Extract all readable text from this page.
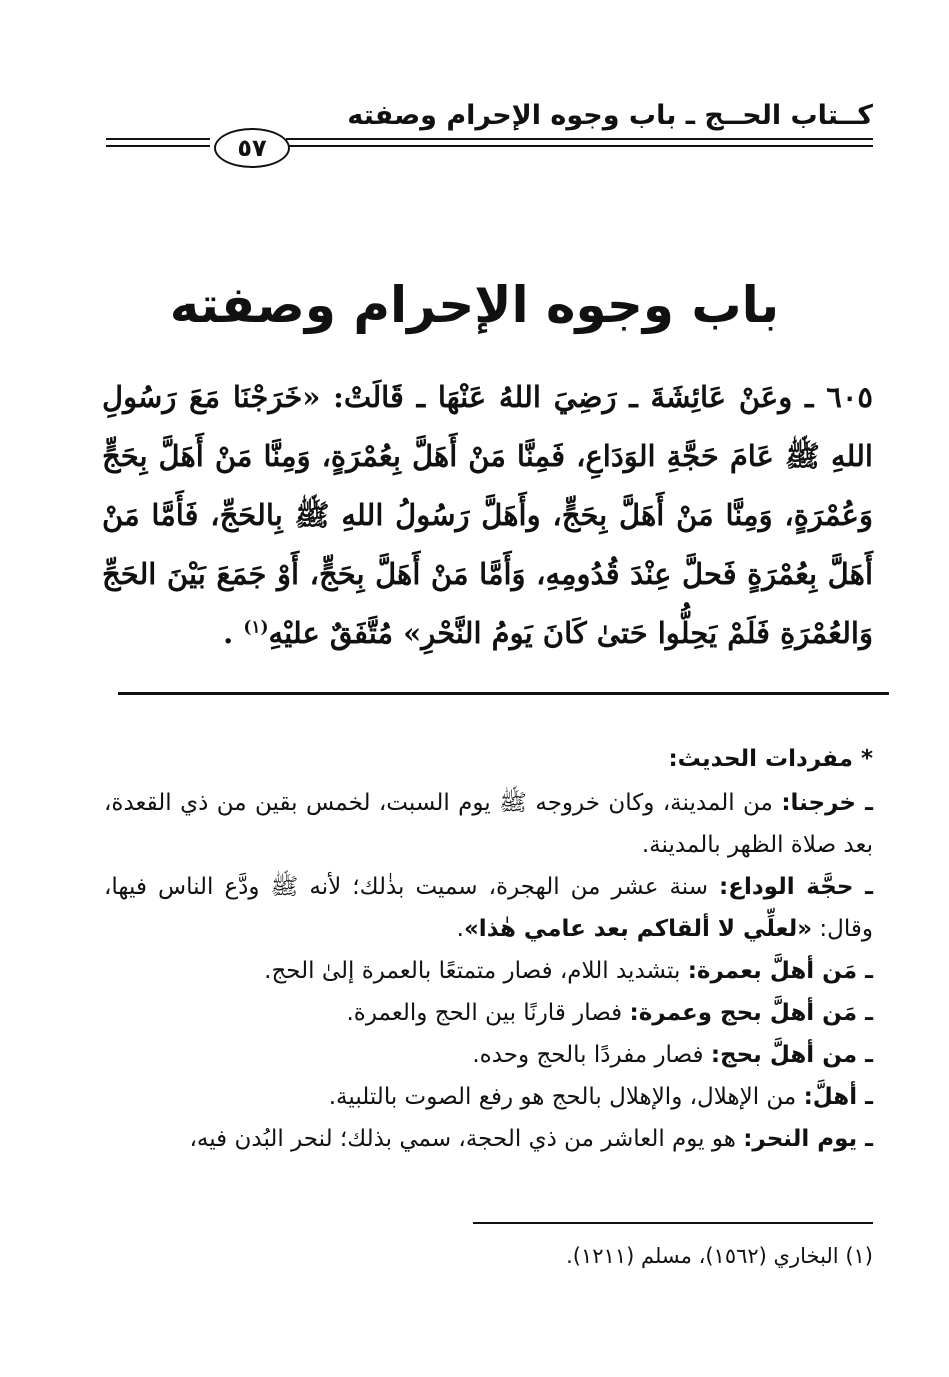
كــتاب الحــج ـ باب وجوه الإحرام وصفته
٥٧
باب وجوه الإحرام وصفته
٦٠٥ ـ وعَنْ عَائِشَةَ ـ رَضِيَ اللهُ عَنْهَا ـ قَالَتْ: «خَرَجْنَا مَعَ رَسُولِ اللهِ ﷺ عَامَ حَجَّةِ الوَدَاعِ، فَمِنَّا مَنْ أَهَلَّ بِعُمْرَةٍ، وَمِنَّا مَنْ أَهَلَّ بِحَجٍّ وَعُمْرَةٍ، وَمِنَّا مَنْ أَهَلَّ بِحَجٍّ، وأَهَلَّ رَسُولُ اللهِ ﷺ بِالحَجِّ، فَأَمَّا مَنْ أَهَلَّ بِعُمْرَةٍ فَحلَّ عِنْدَ قُدُومِهِ، وَأَمَّا مَنْ أَهَلَّ بِحَجٍّ، أَوْ جَمَعَ بَيْنَ الحَجِّ وَالعُمْرَةِ فَلَمْ يَحِلُّوا حَتىٰ كَانَ يَومُ النَّحْرِ» مُتَّفَقٌ عليْهِ$^{(١)}$ .
* مفردات الحديث:
ـ خرجنا: من المدينة، وكان خروجه ﷺ يوم السبت، لخمس بقين من ذي القعدة، بعد صلاة الظهر بالمدينة.
ـ حجَّة الوداع: سنة عشر من الهجرة، سميت بذٰلك؛ لأنه ﷺ ودَّع الناس فيها، وقال: «لعلِّي لا ألقاكم بعد عامي هٰذا».
ـ مَن أهلَّ بعمرة: بتشديد اللام، فصار متمتعًا بالعمرة إلىٰ الحج.
ـ مَن أهلَّ بحج وعمرة: فصار قارنًا بين الحج والعمرة.
ـ من أهلَّ بحج: فصار مفردًا بالحج وحده.
ـ أهلَّ: من الإهلال، والإهلال بالحج هو رفع الصوت بالتلبية.
ـ يوم النحر: هو يوم العاشر من ذي الحجة، سمي بذلك؛ لنحر البُدن فيه،
(١) البخاري (١٥٦٢)، مسلم (١٢١١).
